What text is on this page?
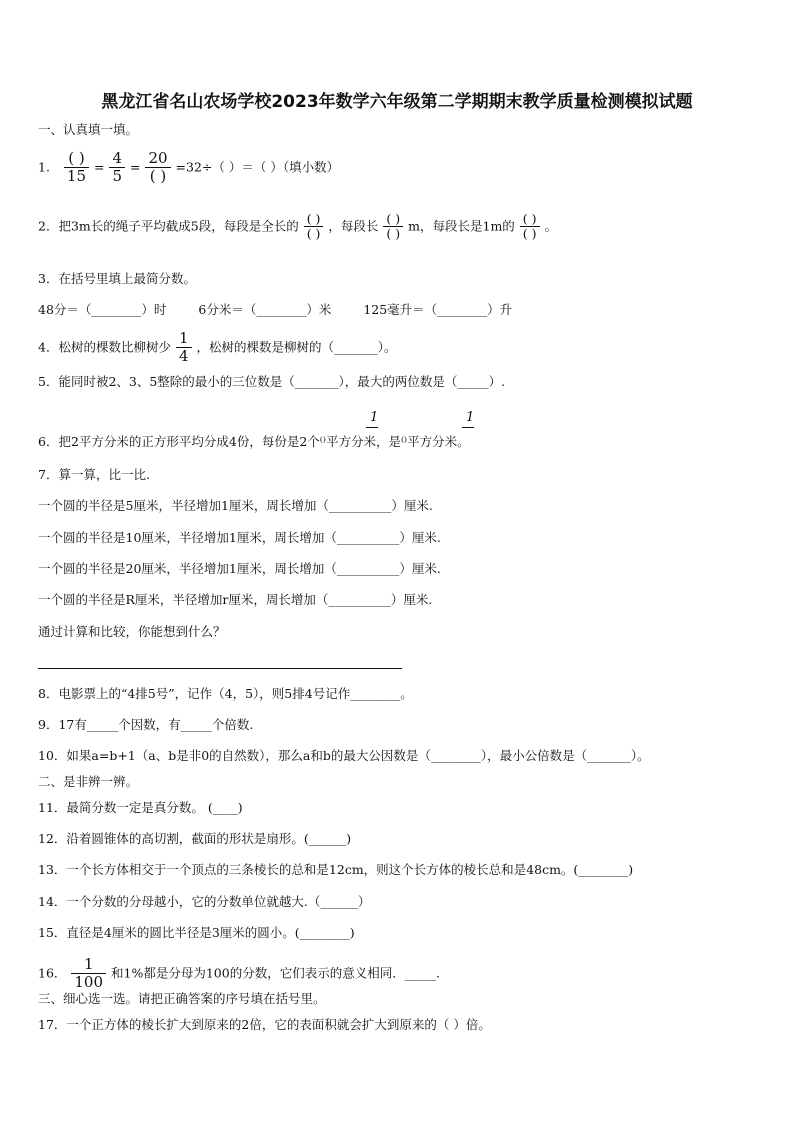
黑龙江省名山农场学校2023年数学六年级第二学期期末教学质量检测模拟试题
一、认真填一填。
1. $\frac{( )}{15} = \frac{4}{5} = \frac{20}{( )} =32\div$（ ）＝（ ）（填小数）
2．把3m长的绳子平均截成5段，每段是全长的 $\frac{( )}{( )}$ ，每段长 $\frac{( )}{( )}$ m，每段长是1m的 $\frac{( )}{( )}$ 。
3．在括号里填上最简分数。
48分＝（________）时	6分米＝（________）米	125毫升＝（________）升
4．松树的棵数比柳树少 $\frac{1}{4}$ ，松树的棵数是柳树的（_______）。
5．能同时被2、3、5整除的最小的三位数是（_______），最大的两位数是（_____）.
1	1
6．把2平方分米的正方形平均分成4份，每份是2个⁽⁾平方分米，是⁽⁾平方分米。
7．算一算，比一比.
一个圆的半径是5厘米，半径增加1厘米，周长增加（__________）厘米.
一个圆的半径是10厘米，半径增加1厘米，周长增加（__________）厘米.
一个圆的半径是20厘米，半径增加1厘米，周长增加（__________）厘米.
一个圆的半径是R厘米，半径增加r厘米，周长增加（__________）厘米.
通过计算和比较，你能想到什么？
8．电影票上的“4排5号”，记作（4，5），则5排4号记作________。
9．17有_____个因数，有_____个倍数.
10．如果a=b+1（a、b是非0的自然数），那么a和b的最大公因数是（________），最小公倍数是（_______）。
二、是非辨一辨。
11．最简分数一定是真分数。 (____)
12．沿着圆锥体的高切割，截面的形状是扇形。(______)
13．一个长方体相交于一个顶点的三条棱长的总和是12cm，则这个长方体的棱长总和是48cm。(________)
14．一个分数的分母越小，它的分数单位就越大.（______）
15．直径是4厘米的圆比半径是3厘米的圆小。(________)
16． $\frac{1}{100}$ 和1%都是分母为100的分数，它们表示的意义相同．_____.
三、细心选一选。请把正确答案的序号填在括号里。
17．一个正方体的棱长扩大到原来的2倍，它的表面积就会扩大到原来的（ ）倍。
